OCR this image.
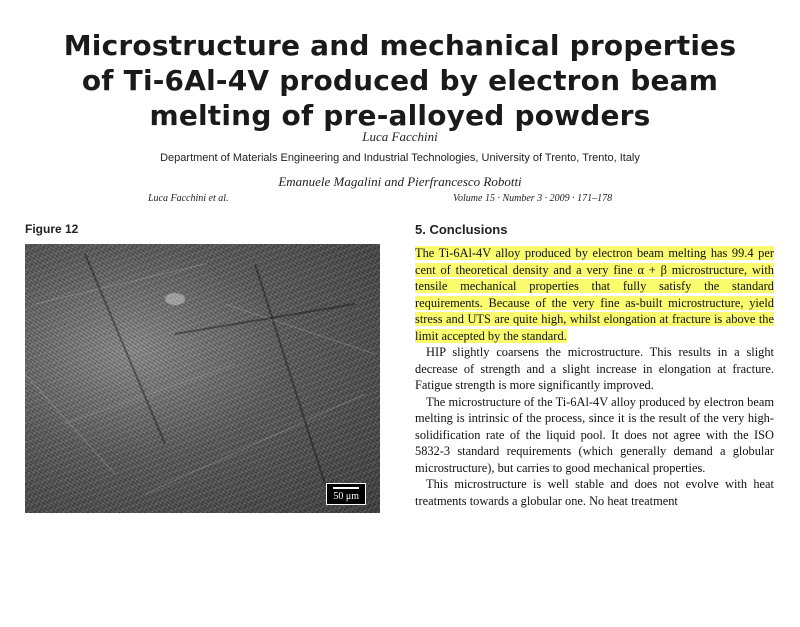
Microstructure and mechanical properties
of Ti-6Al-4V produced by electron beam
melting of pre-alloyed powders
Luca Facchini
Department of Materials Engineering and Industrial Technologies, University of Trento, Trento, Italy
Emanuele Magalini and Pierfrancesco Robotti
Luca Facchini et al.	Volume 15 · Number 3 · 2009 · 171–178
Figure 12
50 μm
5. Conclusions

The Ti-6Al-4V alloy produced by electron beam melting has 99.4 per cent of theoretical density and a very fine α + β microstructure, with tensile mechanical properties that fully satisfy the standard requirements. Because of the very fine as-built microstructure, yield stress and UTS are quite high, whilst elongation at fracture is above the limit accepted by the standard.

HIP slightly coarsens the microstructure. This results in a slight decrease of strength and a slight increase in elongation at fracture. Fatigue strength is more significantly improved.

The microstructure of the Ti-6Al-4V alloy produced by electron beam melting is intrinsic of the process, since it is the result of the very high-solidification rate of the liquid pool. It does not agree with the ISO 5832-3 standard requirements (which generally demand a globular microstructure), but carries to good mechanical properties.

This microstructure is well stable and does not evolve with heat treatments towards a globular one. No heat treatment
